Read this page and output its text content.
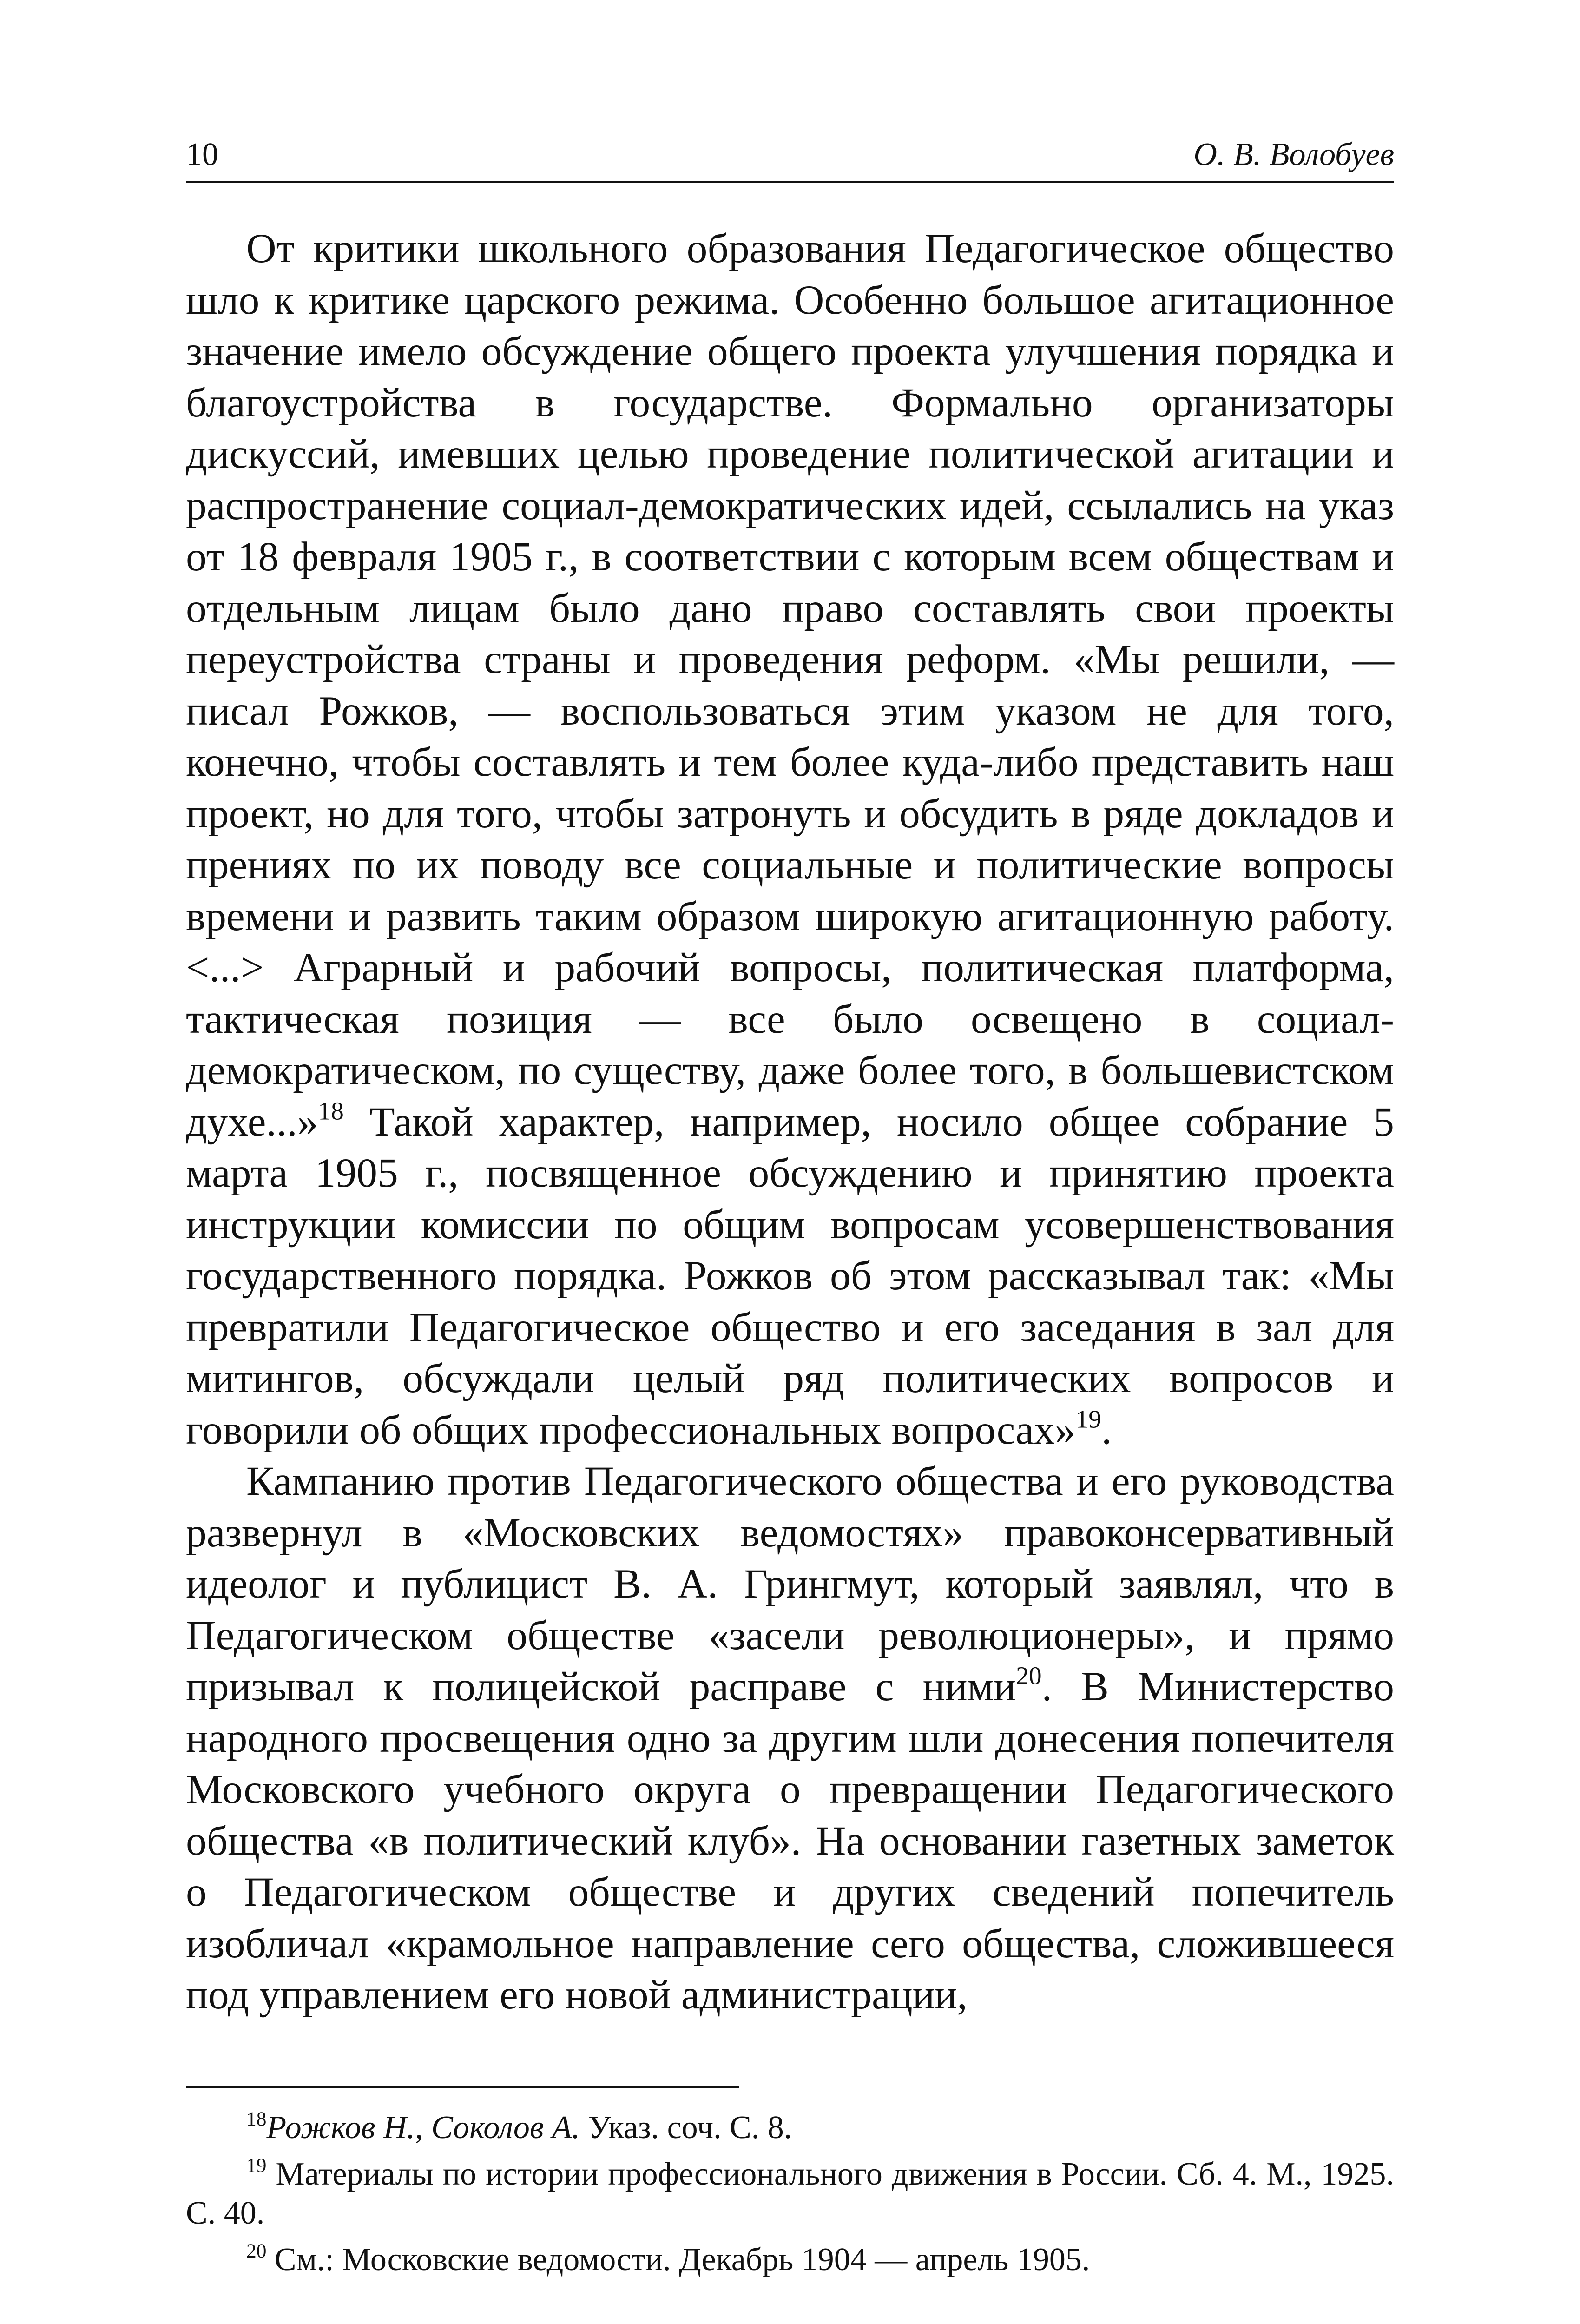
10	О. В. Волобуев

От критики школьного образования Педагогическое общество шло к критике царского режима. Особенно большое агитационное значение имело обсуждение общего проекта улучшения порядка и благоустройства в государстве. Формально организаторы дискуссий, имевших целью проведение политической агитации и распространение социал-демократических идей, ссылались на указ от 18 февраля 1905 г., в соответствии с которым всем обществам и отдельным лицам было дано право составлять свои проекты переустройства страны и проведения реформ. «Мы решили, — писал Рожков, — воспользоваться этим указом не для того, конечно, чтобы составлять и тем более куда-либо представить наш проект, но для того, чтобы затронуть и обсудить в ряде докладов и прениях по их поводу все социальные и политические вопросы времени и развить таким образом широкую агитационную работу. <...> Аграрный и рабочий вопросы, политическая платформа, тактическая позиция — все было освещено в социал-демократическом, по существу, даже более того, в большевистском духе...»$^{18}$ Такой характер, например, носило общее собрание 5 марта 1905 г., посвященное обсуждению и принятию проекта инструкции комиссии по общим вопросам усовершенствования государственного порядка. Рожков об этом рассказывал так: «Мы превратили Педагогическое общество и его заседания в зал для митингов, обсуждали целый ряд политических вопросов и говорили об общих профессиональных вопросах»$^{19}$.

Кампанию против Педагогического общества и его руководства развернул в «Московских ведомостях» правоконсервативный идеолог и публицист В. А. Грингмут, который заявлял, что в Педагогическом обществе «засели революционеры», и прямо призывал к полицейской расправе с ними$^{20}$. В Министерство народного просвещения одно за другим шли донесения попечителя Московского учебного округа о превращении Педагогического общества «в политический клуб». На основании газетных заметок о Педагогическом обществе и других сведений попечитель изобличал «крамольное направление сего общества, сложившееся под управлением его новой администрации,

$^{18}$Рожков Н., Соколов А. Указ. соч. С. 8.

$^{19}$ Материалы по истории профессионального движения в России. Сб. 4. М., 1925. С. 40.

$^{20}$ См.: Московские ведомости. Декабрь 1904 — апрель 1905.
